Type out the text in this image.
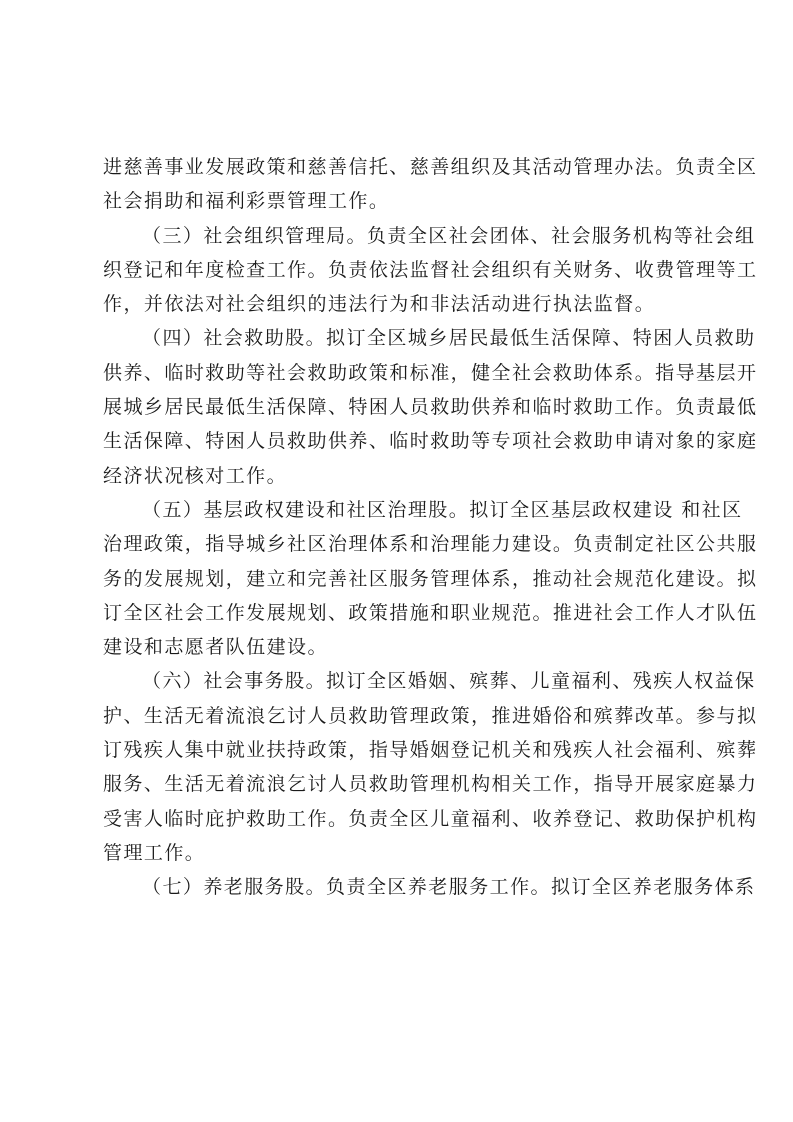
进慈善事业发展政策和慈善信托、慈善组织及其活动管理办法。负责全区
社会捐助和福利彩票管理工作。
（三）社会组织管理局。负责全区社会团体、社会服务机构等社会组
织登记和年度检查工作。负责依法监督社会组织有关财务、收费管理等工
作，并依法对社会组织的违法行为和非法活动进行执法监督。
（四）社会救助股。拟订全区城乡居民最低生活保障、特困人员救助
供养、临时救助等社会救助政策和标准，健全社会救助体系。指导基层开
展城乡居民最低生活保障、特困人员救助供养和临时救助工作。负责最低
生活保障、特困人员救助供养、临时救助等专项社会救助申请对象的家庭
经济状况核对工作。
（五）基层政权建设和社区治理股。拟订全区基层政权建设 和社区
治理政策，指导城乡社区治理体系和治理能力建设。负责制定社区公共服
务的发展规划，建立和完善社区服务管理体系，推动社会规范化建设。拟
订全区社会工作发展规划、政策措施和职业规范。推进社会工作人才队伍
建设和志愿者队伍建设。
（六）社会事务股。拟订全区婚姻、殡葬、儿童福利、残疾人权益保
护、生活无着流浪乞讨人员救助管理政策，推进婚俗和殡葬改革。参与拟
订残疾人集中就业扶持政策，指导婚姻登记机关和残疾人社会福利、殡葬
服务、生活无着流浪乞讨人员救助管理机构相关工作，指导开展家庭暴力
受害人临时庇护救助工作。负责全区儿童福利、收养登记、救助保护机构
管理工作。
（七）养老服务股。负责全区养老服务工作。拟订全区养老服务体系
